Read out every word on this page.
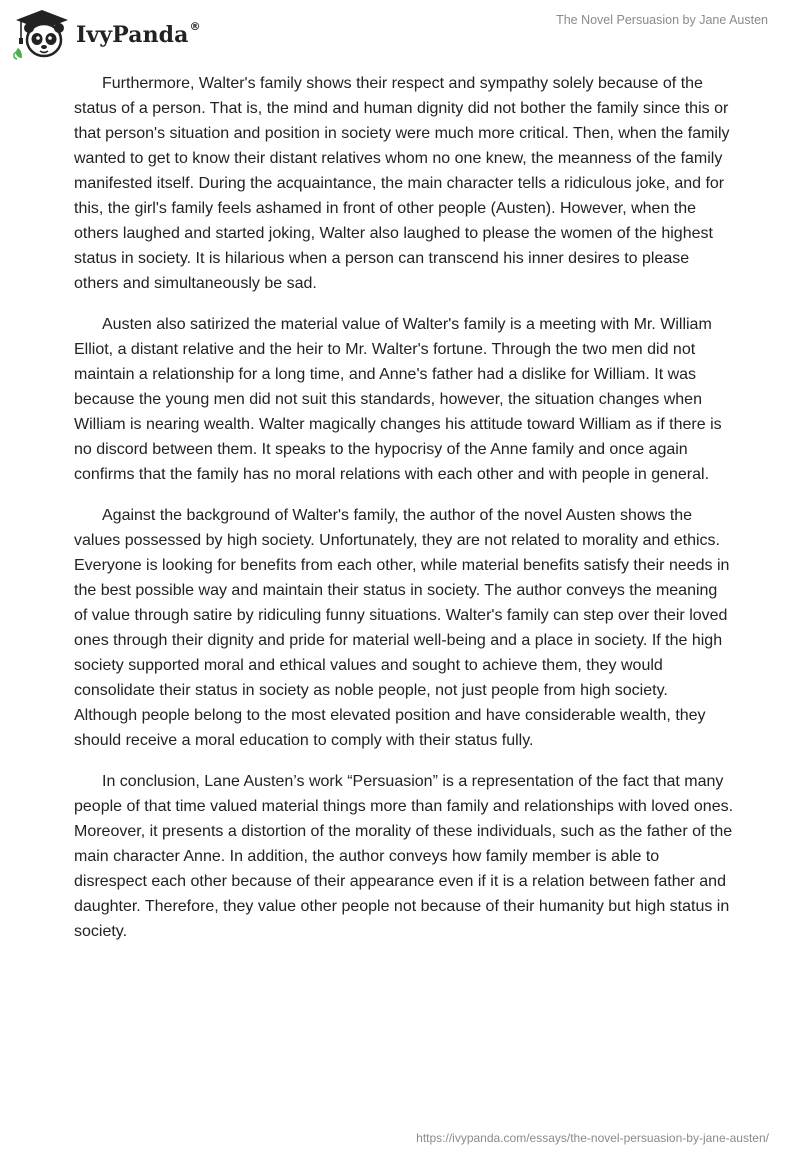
IvyPanda®	The Novel Persuasion by Jane Austen

Furthermore, Walter's family shows their respect and sympathy solely because of the status of a person. That is, the mind and human dignity did not bother the family since this or that person's situation and position in society were much more critical. Then, when the family wanted to get to know their distant relatives whom no one knew, the meanness of the family manifested itself. During the acquaintance, the main character tells a ridiculous joke, and for this, the girl's family feels ashamed in front of other people (Austen). However, when the others laughed and started joking, Walter also laughed to please the women of the highest status in society. It is hilarious when a person can transcend his inner desires to please others and simultaneously be sad.

Austen also satirized the material value of Walter's family is a meeting with Mr. William Elliot, a distant relative and the heir to Mr. Walter's fortune. Through the two men did not maintain a relationship for a long time, and Anne's father had a dislike for William. It was because the young men did not suit this standards, however, the situation changes when William is nearing wealth. Walter magically changes his attitude toward William as if there is no discord between them. It speaks to the hypocrisy of the Anne family and once again confirms that the family has no moral relations with each other and with people in general.

Against the background of Walter's family, the author of the novel Austen shows the values possessed by high society. Unfortunately, they are not related to morality and ethics. Everyone is looking for benefits from each other, while material benefits satisfy their needs in the best possible way and maintain their status in society. The author conveys the meaning of value through satire by ridiculing funny situations. Walter's family can step over their loved ones through their dignity and pride for material well-being and a place in society. If the high society supported moral and ethical values and sought to achieve them, they would consolidate their status in society as noble people, not just people from high society. Although people belong to the most elevated position and have considerable wealth, they should receive a moral education to comply with their status fully.

In conclusion, Lane Austen’s work “Persuasion” is a representation of the fact that many people of that time valued material things more than family and relationships with loved ones. Moreover, it presents a distortion of the morality of these individuals, such as the father of the main character Anne. In addition, the author conveys how family member is able to disrespect each other because of their appearance even if it is a relation between father and daughter. Therefore, they value other people not because of their humanity but high status in society.

https://ivypanda.com/essays/the-novel-persuasion-by-jane-austen/
